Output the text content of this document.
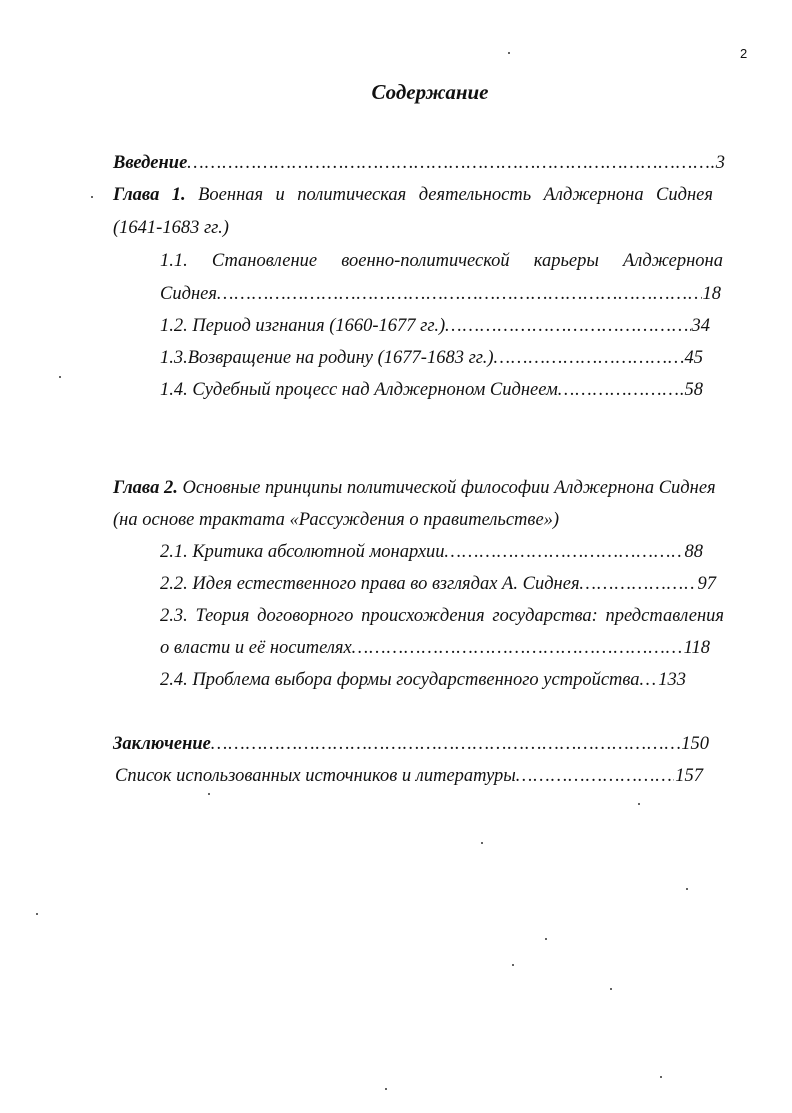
2
Содержание
Введение ……………………………………………………………………………………………………………………………………………………	3
Глава 1. Военная и политическая деятельность Алджернона Сиднея
(1641-1683 гг.)
1.1. Становление военно-политической карьеры Алджернона
Сиднея ……………………………………………………………………………………………………………………………………………………	18
1.2. Период изгнания (1660-1677 гг.) ……………………………………………………………………………………………………………………………………………………	34
1.3.Возвращение на родину (1677-1683 гг.) ……………………………………………………………………………………………………………………………………………………	45
1.4. Судебный процесс над Алджерноном Сиднеем ……………………………………………………………………………………………………………………………………………………	58
Глава 2. Основные принципы политической философии Алджернона Сиднея
(на основе трактата «Рассуждения о правительстве»)
2.1. Критика абсолютной монархии ……………………………………………………………………………………………………………………………………………………	88
2.2. Идея естественного права во взглядах А. Сиднея ……………………………………………………………………………………………………………………………………………………	97
2.3. Теория договорного происхождения государства: представления
о власти и её носителях ……………………………………………………………………………………………………………………………………………………	118
2.4. Проблема выбора формы государственного устройства …………………………………………………………………………………………………………………………………………………… 133
Заключение ……………………………………………………………………………………………………………………………………………………	150
Список использованных источников и литературы ……………………………………………………………………………………………………………………………………………………	157
